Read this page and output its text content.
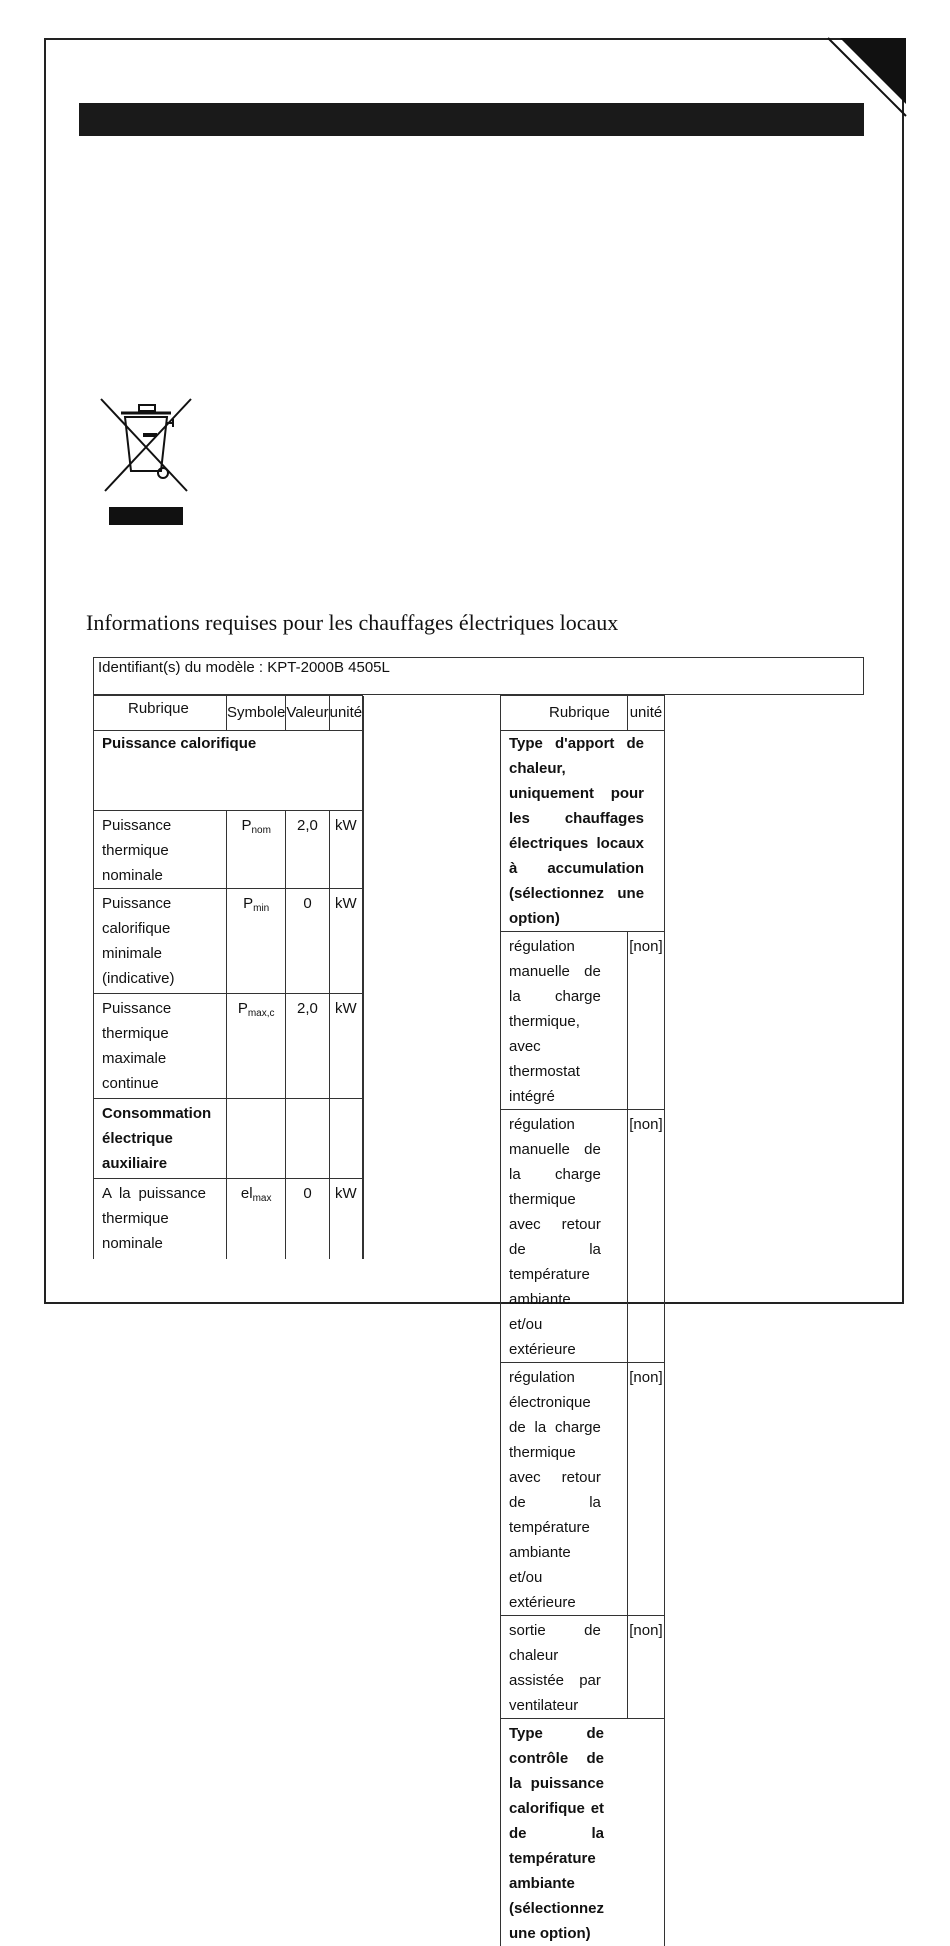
Informations requises pour les chauffages électriques locaux
Identifiant(s) du modèle : KPT-2000B 4505L
Rubrique	Symbole	Valeur	unité	

Puissance calorifique				

Puissance thermique nominale	$P_{nom}$	2,0	kW	

Puissance calorifique minimale (indicative)	$P_{min}$	0	kW	

Puissance thermique maximale continue	$P_{max,c}$	2,0	kW	

Consommation électrique auxiliaire				

A la puissance thermique nominale	$el_{max}$	0	kW	

Rubrique	unité

Type d'apport de chaleur, uniquement pour les chauffages électriques locaux à accumulation (sélectionnez une option)	

régulation manuelle de la charge thermique, avec thermostat intégré	[non]

régulation manuelle de la charge thermique avec retour de la température ambiante et/ou extérieure	[non]

régulation électronique de la charge thermique avec retour de la température ambiante et/ou extérieure	[non]

sortie de chaleur assistée par ventilateur	[non]

Type de contrôle de la puissance calorifique et de la température ambiante (sélectionnez une option)	
